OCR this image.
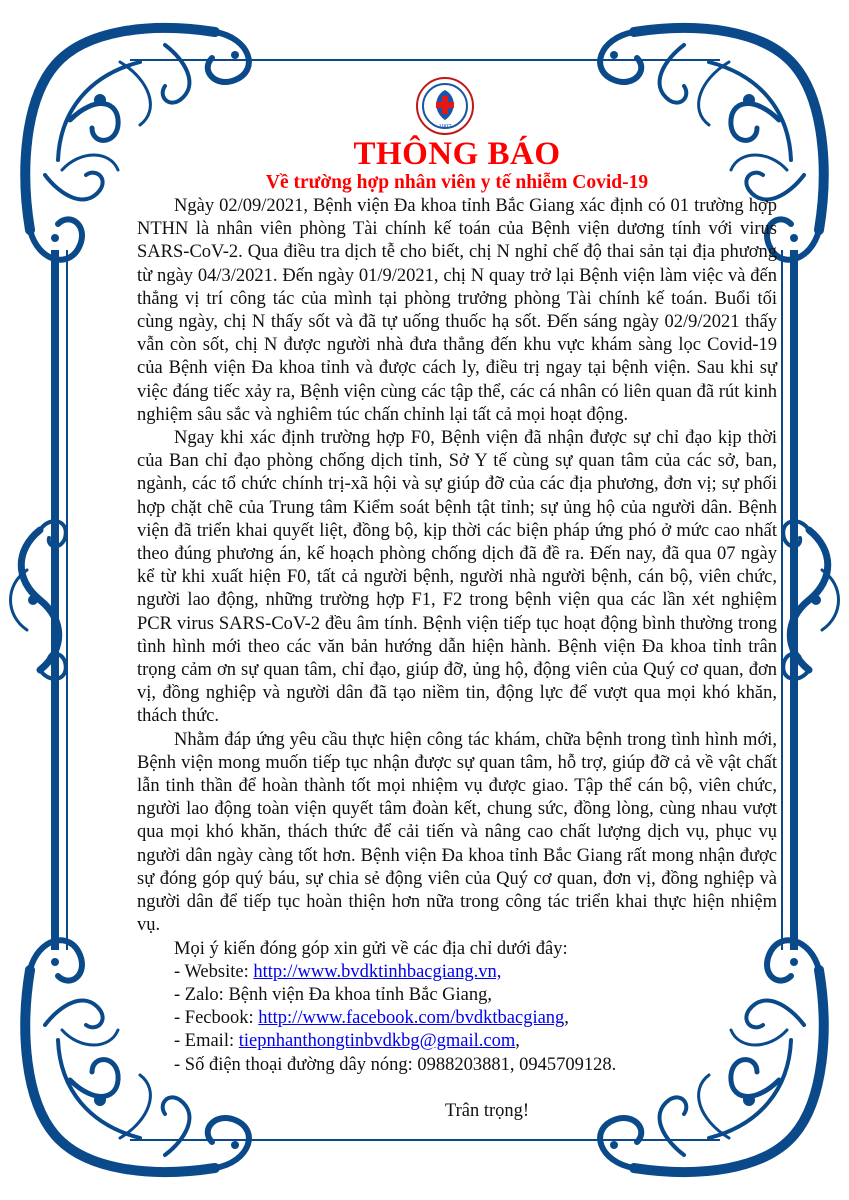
1907
THÔNG BÁO
Về trường hợp nhân viên y tế nhiễm Covid-19

Ngày 02/09/2021, Bệnh viện Đa khoa tỉnh Bắc Giang xác định có 01 trường hợp NTHN là nhân viên phòng Tài chính kế toán của Bệnh viện dương tính với virus SARS-CoV-2. Qua điều tra dịch tễ cho biết, chị N nghỉ chế độ thai sản tại địa phương từ ngày 04/3/2021. Đến ngày 01/9/2021, chị N quay trở lại Bệnh viện làm việc và đến thẳng vị trí công tác của mình tại phòng trưởng phòng Tài chính kế toán. Buổi tối cùng ngày, chị N thấy sốt và đã tự uống thuốc hạ sốt. Đến sáng ngày 02/9/2021 thấy vẫn còn sốt, chị N được người nhà đưa thẳng đến khu vực khám sàng lọc Covid-19 của Bệnh viện Đa khoa tỉnh và được cách ly, điều trị ngay tại bệnh viện. Sau khi sự việc đáng tiếc xảy ra, Bệnh viện cùng các tập thể, các cá nhân có liên quan đã rút kinh nghiệm sâu sắc và nghiêm túc chấn chỉnh lại tất cả mọi hoạt động.

Ngay khi xác định trường hợp F0, Bệnh viện đã nhận được sự chỉ đạo kịp thời của Ban chỉ đạo phòng chống dịch tỉnh, Sở Y tế cùng sự quan tâm của các sở, ban, ngành, các tổ chức chính trị-xã hội và sự giúp đỡ của các địa phương, đơn vị; sự phối hợp chặt chẽ của Trung tâm Kiểm soát bệnh tật tỉnh; sự ủng hộ của người dân. Bệnh viện đã triển khai quyết liệt, đồng bộ, kịp thời các biện pháp ứng phó ở mức cao nhất theo đúng phương án, kế hoạch phòng chống dịch đã đề ra. Đến nay, đã qua 07 ngày kể từ khi xuất hiện F0, tất cả người bệnh, người nhà người bệnh, cán bộ, viên chức, người lao động, những trường hợp F1, F2 trong bệnh viện qua các lần xét nghiệm PCR virus SARS-CoV-2 đều âm tính. Bệnh viện tiếp tục hoạt động bình thường trong tình hình mới theo các văn bản hướng dẫn hiện hành. Bệnh viện Đa khoa tỉnh trân trọng cảm ơn sự quan tâm, chỉ đạo, giúp đỡ, ủng hộ, động viên của Quý cơ quan, đơn vị, đồng nghiệp và người dân đã tạo niềm tin, động lực để vượt qua mọi khó khăn, thách thức.

Nhằm đáp ứng yêu cầu thực hiện công tác khám, chữa bệnh trong tình hình mới, Bệnh viện mong muốn tiếp tục nhận được sự quan tâm, hỗ trợ, giúp đỡ cả về vật chất lẫn tinh thần để hoàn thành tốt mọi nhiệm vụ được giao. Tập thể cán bộ, viên chức, người lao động toàn viện quyết tâm đoàn kết, chung sức, đồng lòng, cùng nhau vượt qua mọi khó khăn, thách thức để cải tiến và nâng cao chất lượng dịch vụ, phục vụ người dân ngày càng tốt hơn. Bệnh viện Đa khoa tỉnh Bắc Giang rất mong nhận được sự đóng góp quý báu, sự chia sẻ động viên của Quý cơ quan, đơn vị, đồng nghiệp và người dân để tiếp tục hoàn thiện hơn nữa trong công tác triển khai thực hiện nhiệm vụ.

Mọi ý kiến đóng góp xin gửi về các địa chỉ dưới đây:

- Website: http://www.bvdktinhbacgiang.vn,

- Zalo: Bệnh viện Đa khoa tỉnh Bắc Giang,

- Fecbook: http://www.facebook.com/bvdktbacgiang,

- Email: tiepnhanthongtinbvdkbg@gmail.com,

- Số điện thoại đường dây nóng: 0988203881, 0945709128.

Trân trọng!
